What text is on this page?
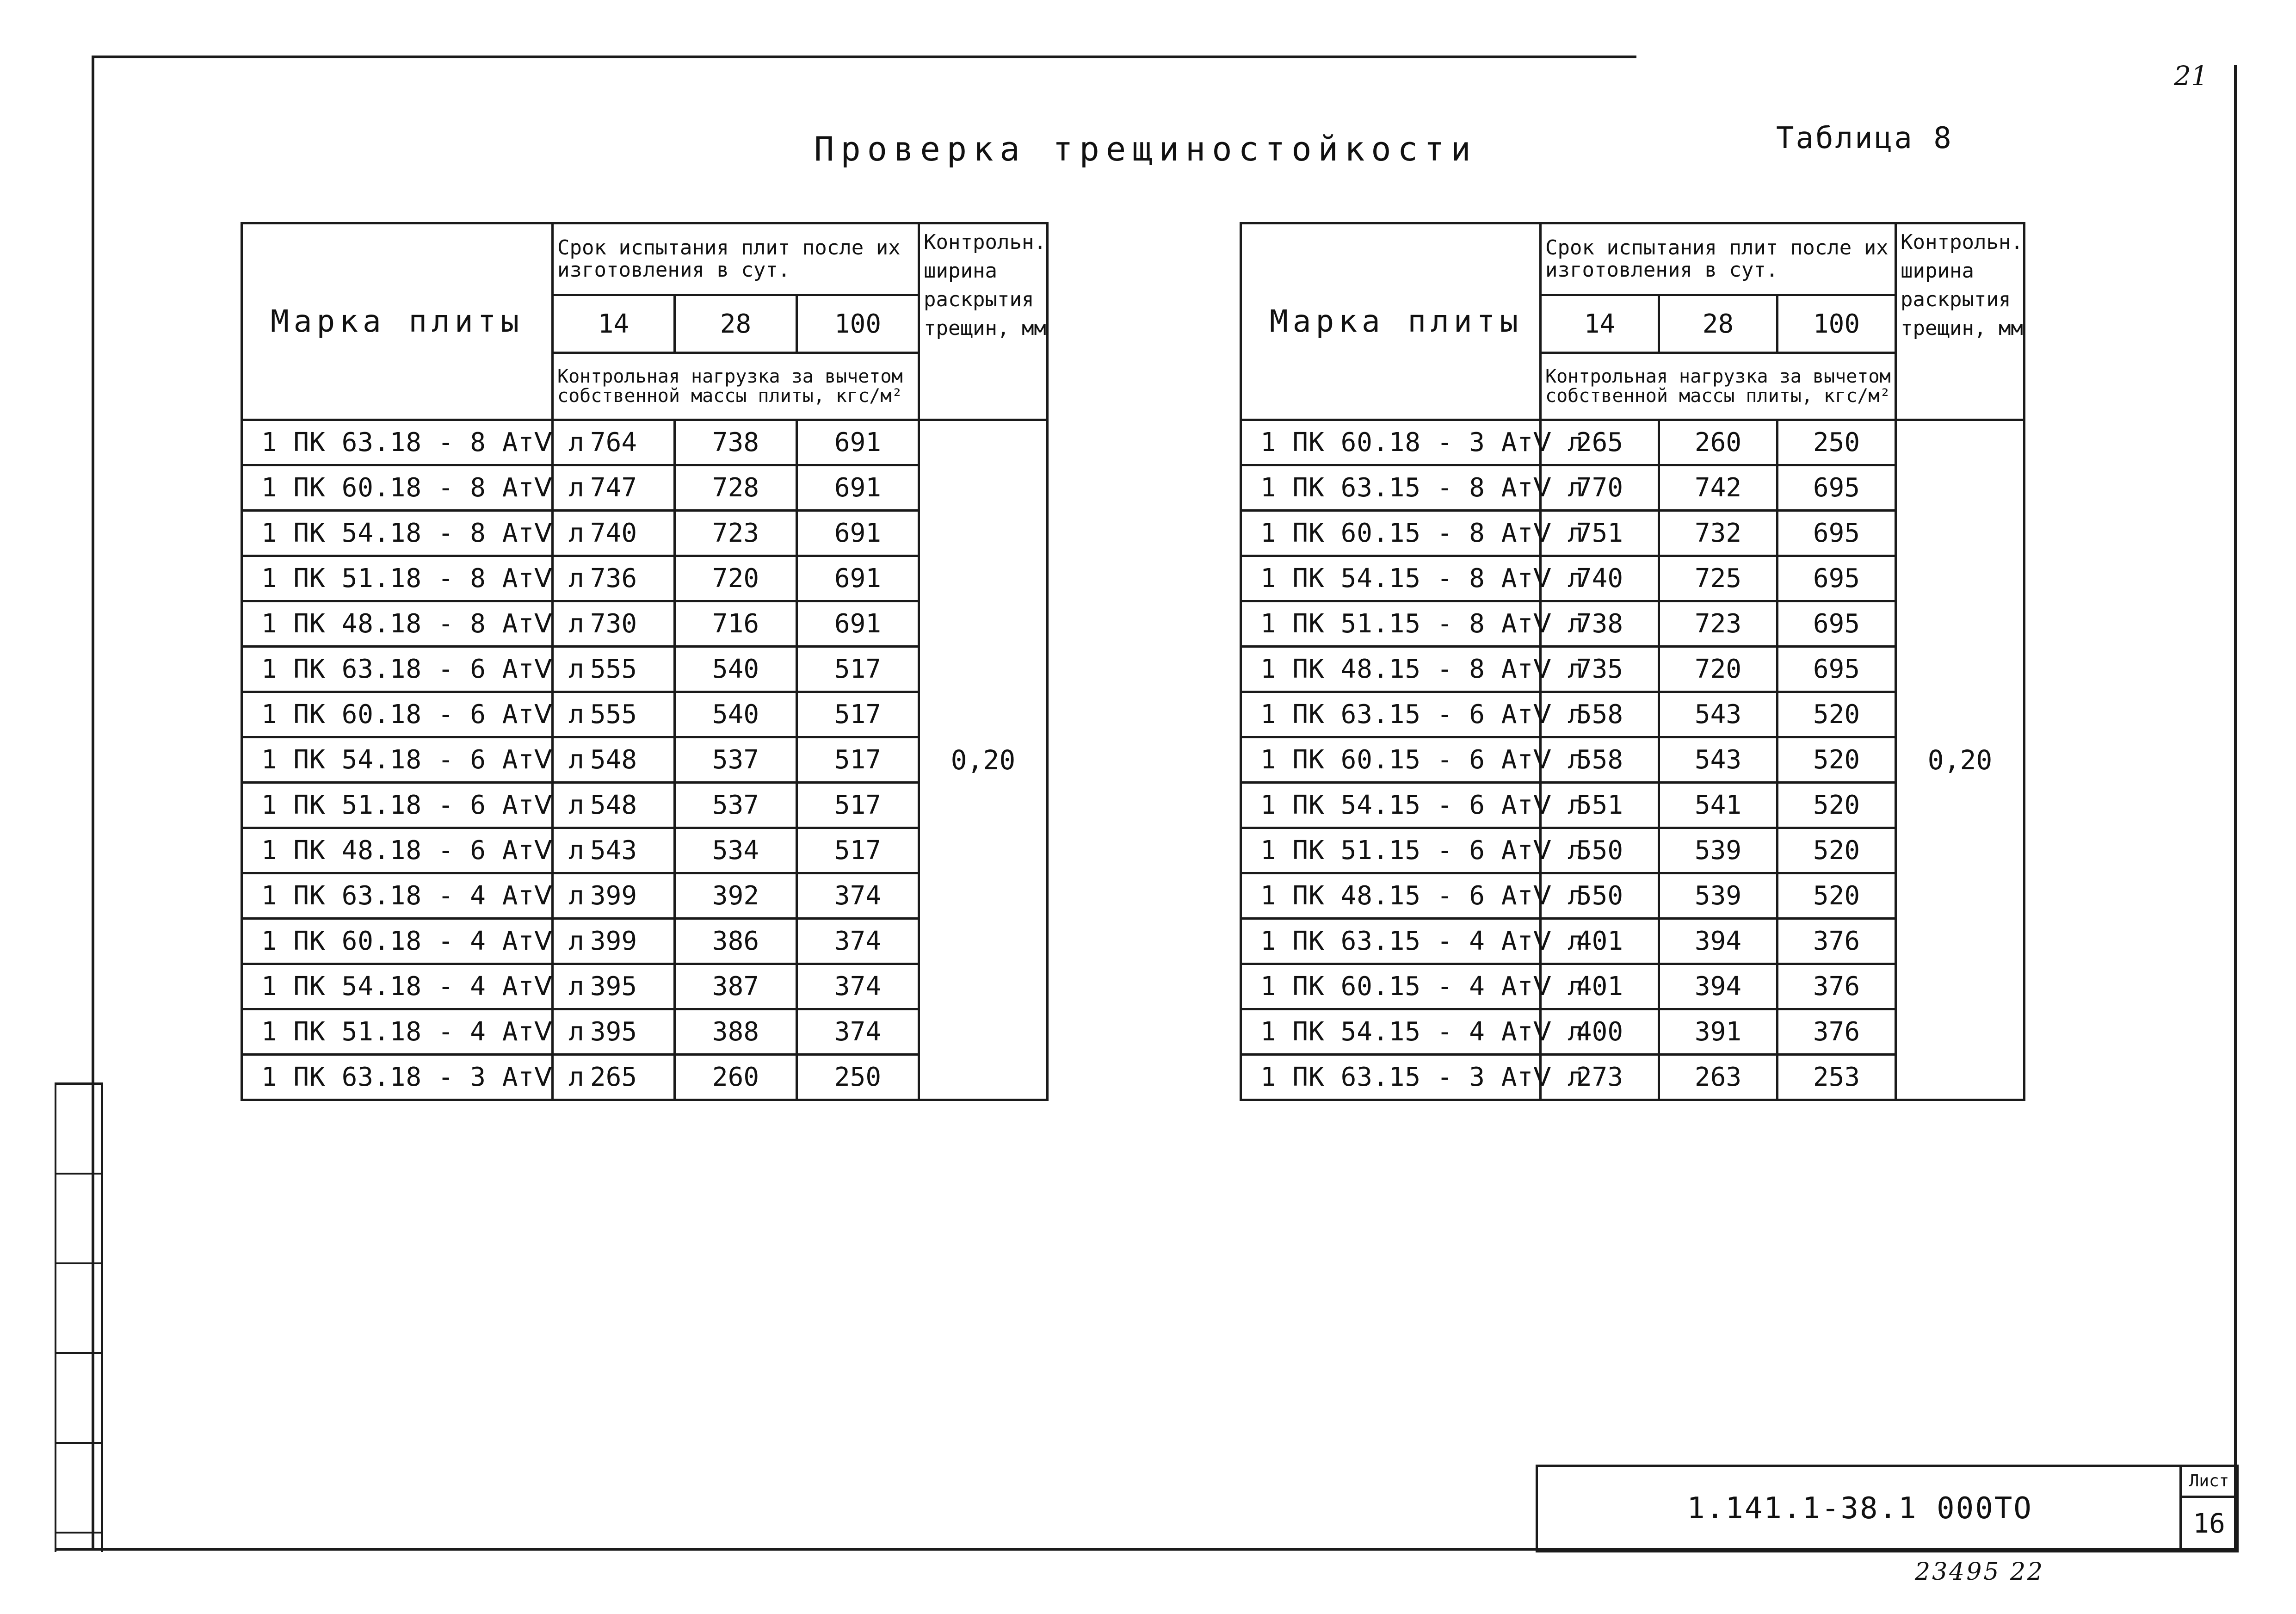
21
Проверка трещиностойкости	Таблица 8
Марка плиты	Срок испытания плит после их изготовления в сут.			Контрольн. ширина раскрытия трещин, мм
	14	28	100	
	Контрольная нагрузка за вычетом собственной массы плиты, кгс/м²			
1 ПК 63.18 - 8 АтⅤ л	764	738	691	0,20
1 ПК 60.18 - 8 АтⅤ л	747	728	691	
1 ПК 54.18 - 8 АтⅤ л	740	723	691	
1 ПК 51.18 - 8 АтⅤ л	736	720	691	
1 ПК 48.18 - 8 АтⅤ л	730	716	691	
1 ПК 63.18 - 6 АтⅤ л	555	540	517	
1 ПК 60.18 - 6 АтⅤ л	555	540	517	
1 ПК 54.18 - 6 АтⅤ л	548	537	517	
1 ПК 51.18 - 6 АтⅤ л	548	537	517	
1 ПК 48.18 - 6 АтⅤ л	543	534	517	
1 ПК 63.18 - 4 АтⅤ л	399	392	374	
1 ПК 60.18 - 4 АтⅤ л	399	386	374	
1 ПК 54.18 - 4 АтⅤ л	395	387	374	
1 ПК 51.18 - 4 АтⅤ л	395	388	374	
1 ПК 63.18 - 3 АтⅤ л	265	260	250	
Марка плиты	Срок испытания плит после их изготовления в сут.			Контрольн. ширина раскрытия трещин, мм
	14	28	100	
	Контрольная нагрузка за вычетом собственной массы плиты, кгс/м²			
1 ПК 60.18 - 3 АтⅤ л	265	260	250	0,20
1 ПК 63.15 - 8 АтⅤ л	770	742	695	
1 ПК 60.15 - 8 АтⅤ л	751	732	695	
1 ПК 54.15 - 8 АтⅤ л	740	725	695	
1 ПК 51.15 - 8 АтⅤ л	738	723	695	
1 ПК 48.15 - 8 АтⅤ л	735	720	695	
1 ПК 63.15 - 6 АтⅤ л	558	543	520	
1 ПК 60.15 - 6 АтⅤ л	558	543	520	
1 ПК 54.15 - 6 АтⅤ л	551	541	520	
1 ПК 51.15 - 6 АтⅤ л	550	539	520	
1 ПК 48.15 - 6 АтⅤ л	550	539	520	
1 ПК 63.15 - 4 АтⅤ л	401	394	376	
1 ПК 60.15 - 4 АтⅤ л	401	394	376	
1 ПК 54.15 - 4 АтⅤ л	400	391	376	
1 ПК 63.15 - 3 АтⅤ л	273	263	253	
1.141.1-38.1 000ТО
Лист
16
23495 22
